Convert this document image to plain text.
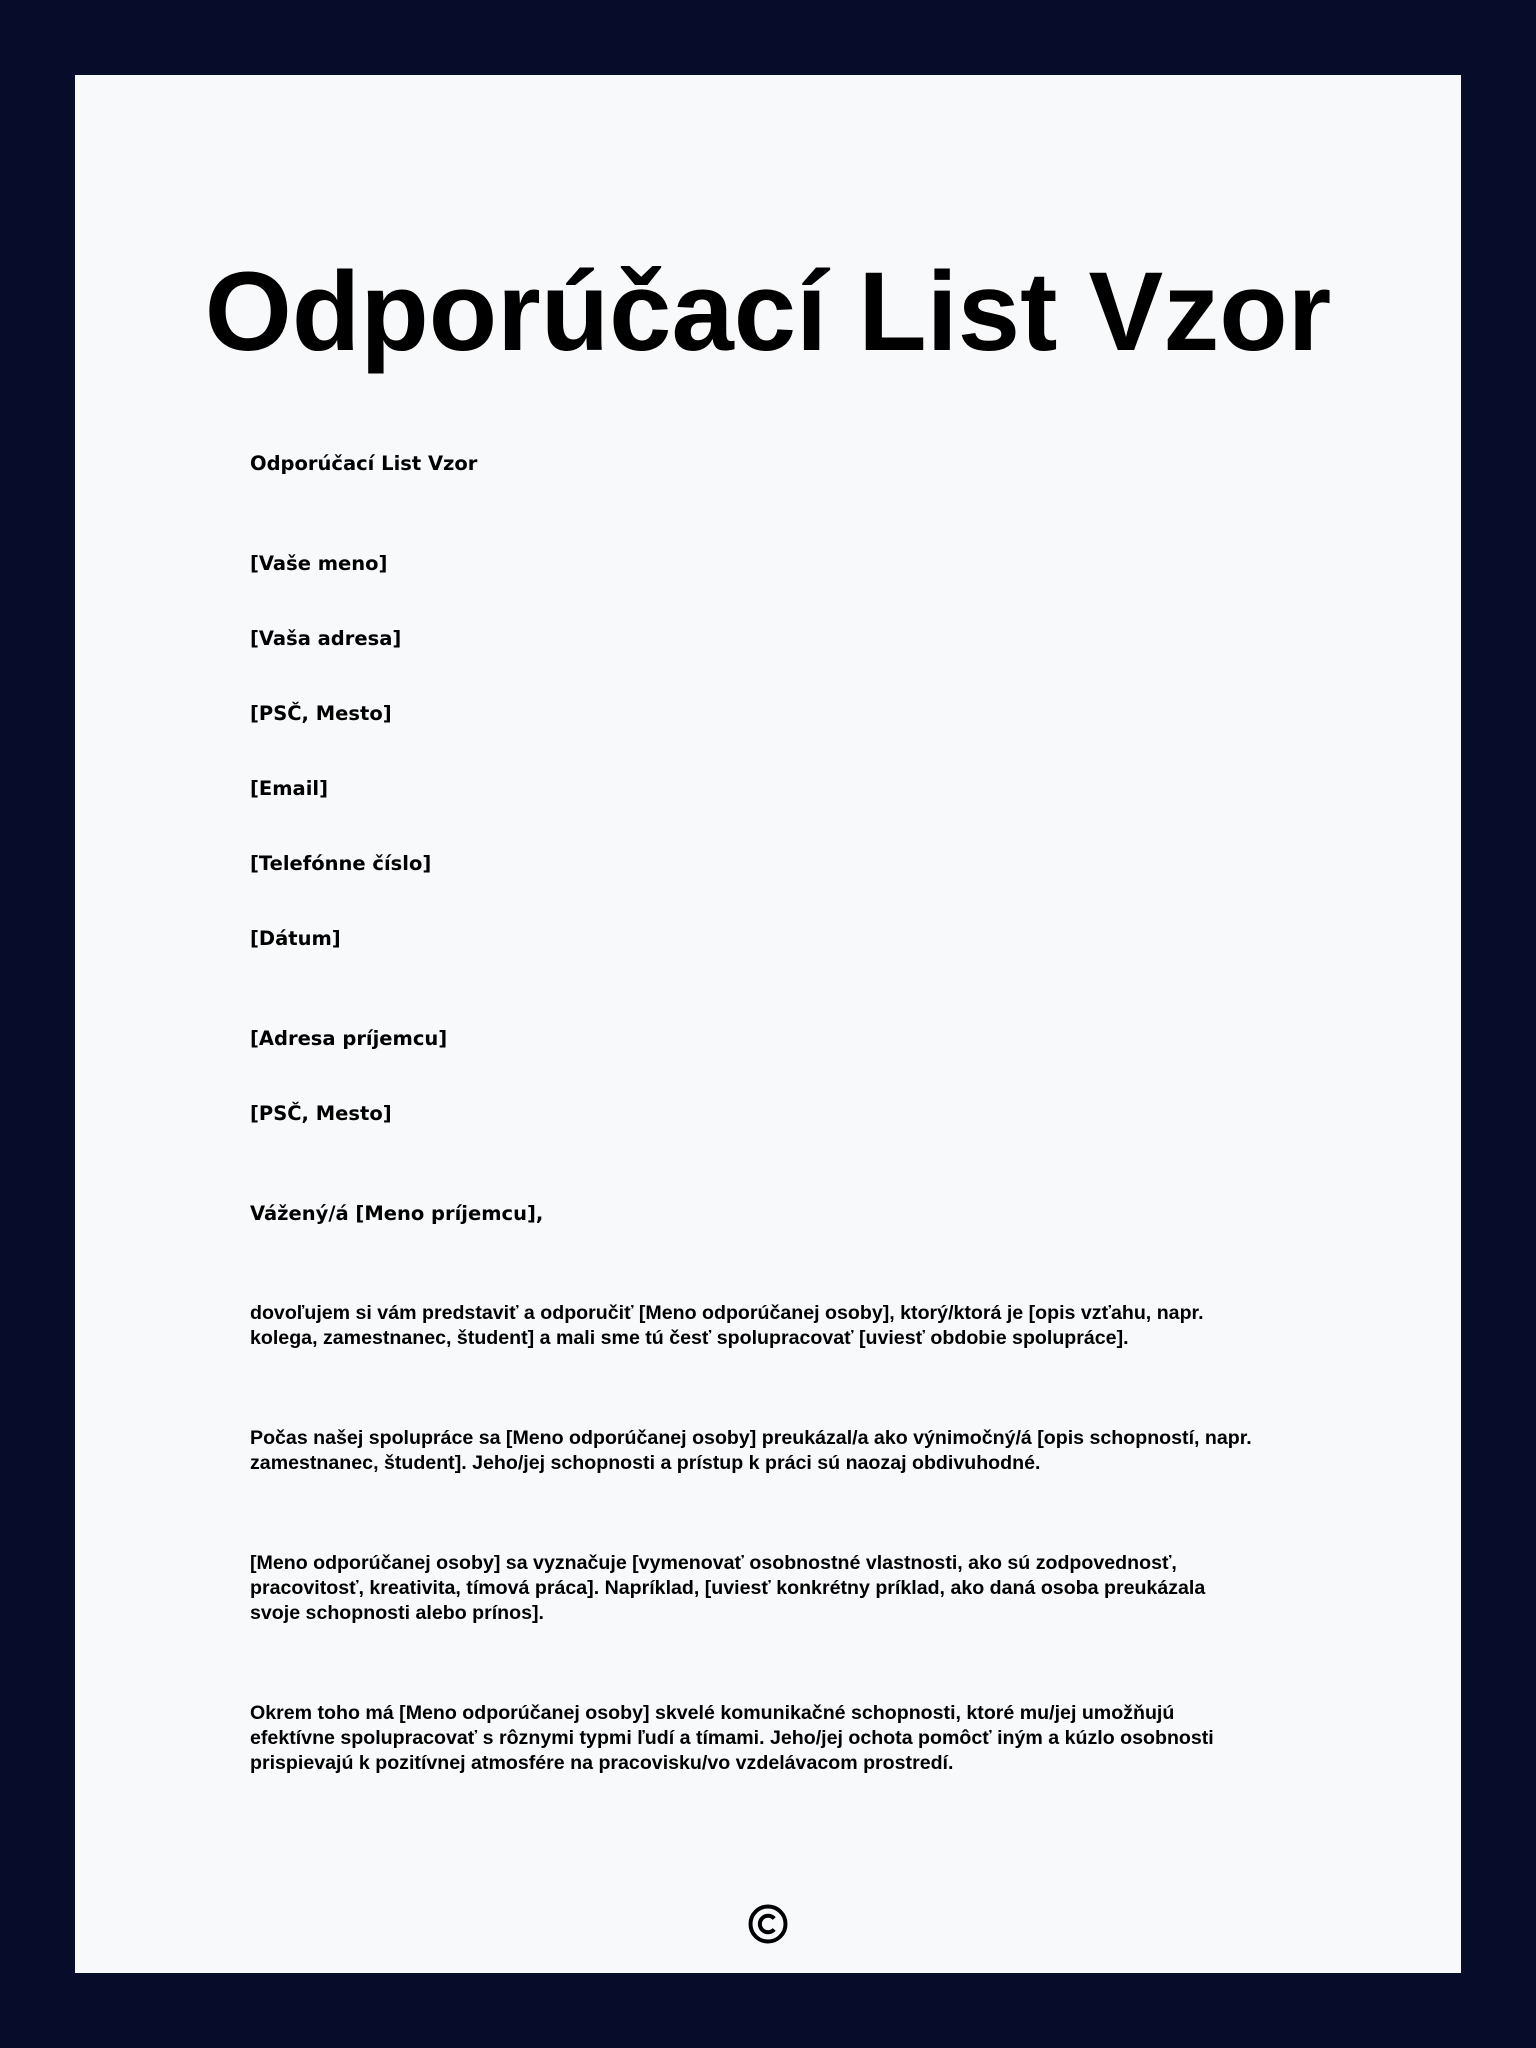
Odporúčací List Vzor

Odporúčací List Vzor

[Vaše meno]

[Vaša adresa]

[PSČ, Mesto]

[Email]

[Telefónne číslo]

[Dátum]

[Adresa príjemcu]

[PSČ, Mesto]

Vážený/á [Meno príjemcu],

dovoľujem si vám predstaviť a odporučiť [Meno odporúčanej osoby], ktorý/ktorá je [opis vzťahu, napr.
kolega, zamestnanec, študent] a mali sme tú česť spolupracovať [uviesť obdobie spolupráce].
Počas našej spolupráce sa [Meno odporúčanej osoby] preukázal/a ako výnimočný/á [opis schopností, napr.
zamestnanec, študent]. Jeho/jej schopnosti a prístup k práci sú naozaj obdivuhodné.
[Meno odporúčanej osoby] sa vyznačuje [vymenovať osobnostné vlastnosti, ako sú zodpovednosť,
pracovitosť, kreativita, tímová práca]. Napríklad, [uviesť konkrétny príklad, ako daná osoba preukázala
svoje schopnosti alebo prínos].
Okrem toho má [Meno odporúčanej osoby] skvelé komunikačné schopnosti, ktoré mu/jej umožňujú
efektívne spolupracovať s rôznymi typmi ľudí a tímami. Jeho/jej ochota pomôcť iným a kúzlo osobnosti
prispievajú k pozitívnej atmosfére na pracovisku/vo vzdelávacom prostredí.
